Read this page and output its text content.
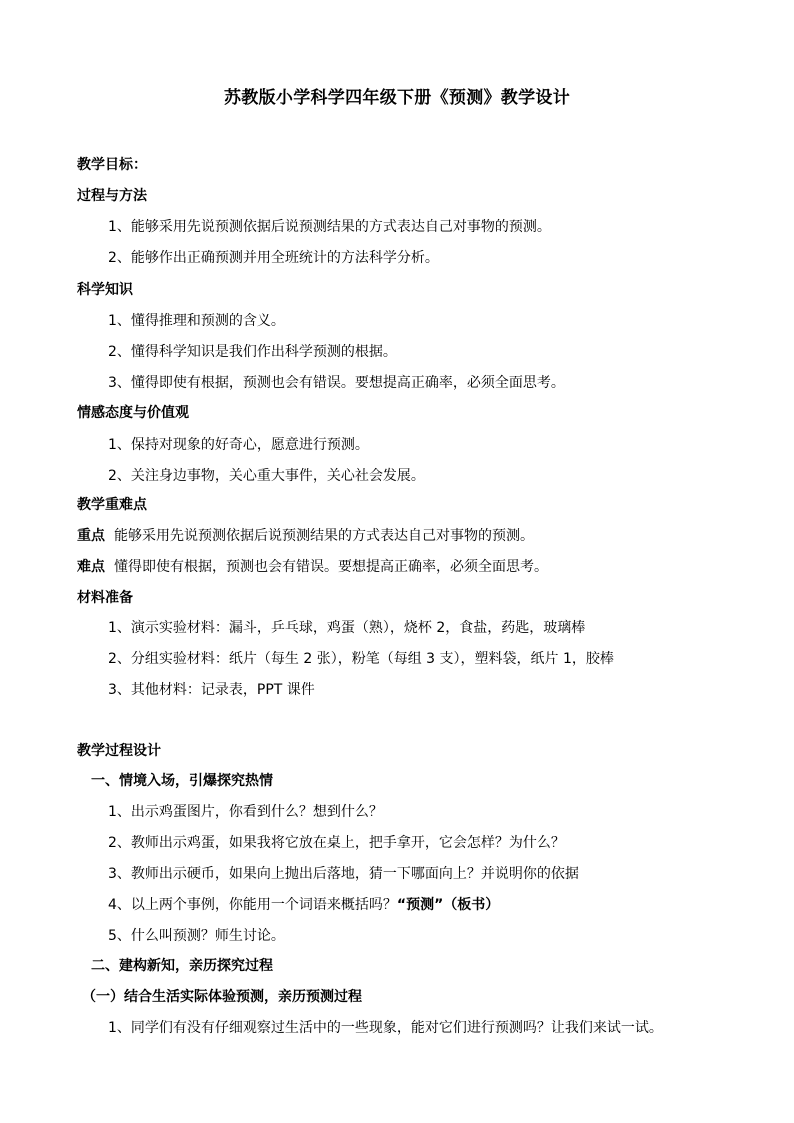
苏教版小学科学四年级下册《预测》教学设计
教学目标：
过程与方法
1、能够采用先说预测依据后说预测结果的方式表达自己对事物的预测。
2、能够作出正确预测并用全班统计的方法科学分析。
科学知识
1、懂得推理和预测的含义。
2、懂得科学知识是我们作出科学预测的根据。
3、懂得即使有根据，预测也会有错误。要想提高正确率，必须全面思考。
情感态度与价值观
1、保持对现象的好奇心，愿意进行预测。
2、关注身边事物，关心重大事件，关心社会发展。
教学重难点
重点 能够采用先说预测依据后说预测结果的方式表达自己对事物的预测。
难点 懂得即使有根据，预测也会有错误。要想提高正确率，必须全面思考。
材料准备
1、演示实验材料：漏斗，乒乓球，鸡蛋（熟），烧杯 2，食盐，药匙，玻璃棒
2、分组实验材料：纸片（每生 2 张），粉笔（每组 3 支），塑料袋，纸片 1，胶棒
3、其他材料：记录表，PPT 课件
教学过程设计
一、情境入场，引爆探究热情
1、出示鸡蛋图片，你看到什么？想到什么？
2、教师出示鸡蛋，如果我将它放在桌上，把手拿开，它会怎样？为什么？
3、教师出示硬币，如果向上抛出后落地，猜一下哪面向上？并说明你的依据
4、以上两个事例，你能用一个词语来概括吗？“预测”（板书）
5、什么叫预测？师生讨论。
二、建构新知，亲历探究过程
（一）结合生活实际体验预测，亲历预测过程
1、同学们有没有仔细观察过生活中的一些现象，能对它们进行预测吗？让我们来试一试。
